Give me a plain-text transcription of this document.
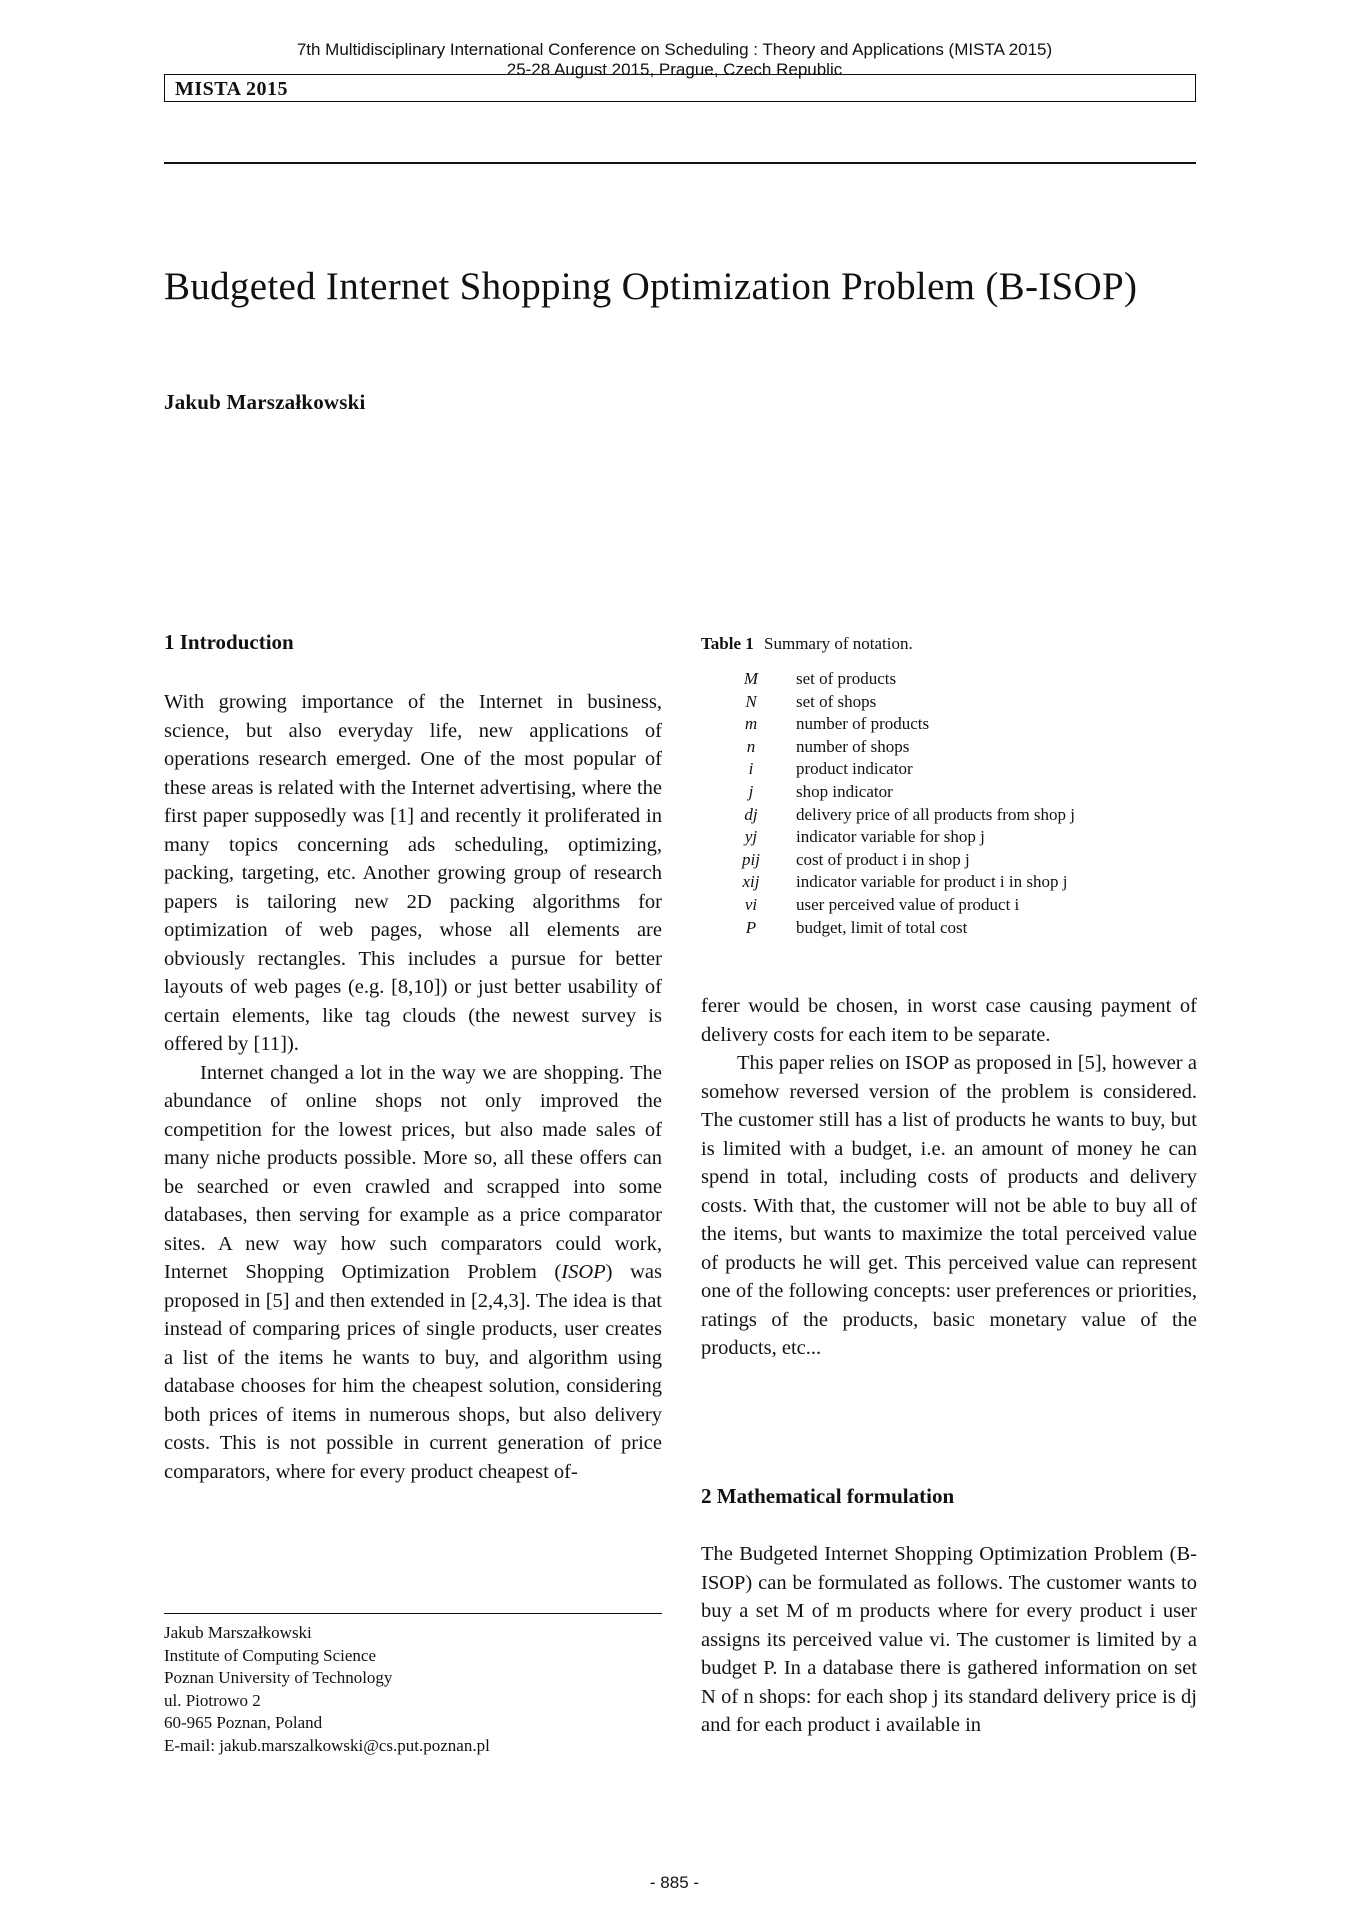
7th Multidisciplinary International Conference on Scheduling : Theory and Applications (MISTA 2015)
25-28 August 2015, Prague, Czech Republic
MISTA 2015
Budgeted Internet Shopping Optimization Problem (B-ISOP)
Jakub Marszałkowski
1 Introduction

With growing importance of the Internet in business, science, but also everyday life, new applications of operations research emerged. One of the most popular of these areas is related with the Internet advertising, where the first paper supposedly was [1] and recently it proliferated in many topics concerning ads scheduling, optimizing, packing, targeting, etc. Another growing group of research papers is tailoring new 2D packing algorithms for optimization of web pages, whose all elements are obviously rectangles. This includes a pursue for better layouts of web pages (e.g. [8,10]) or just better usability of certain elements, like tag clouds (the newest survey is offered by [11]).

Internet changed a lot in the way we are shopping. The abundance of online shops not only improved the competition for the lowest prices, but also made sales of many niche products possible. More so, all these offers can be searched or even crawled and scrapped into some databases, then serving for example as a price comparator sites. A new way how such comparators could work, Internet Shopping Optimization Problem (ISOP) was proposed in [5] and then extended in [2,4,3]. The idea is that instead of comparing prices of single products, user creates a list of the items he wants to buy, and algorithm using database chooses for him the cheapest solution, considering both prices of items in numerous shops, but also delivery costs. This is not possible in current generation of price comparators, where for every product cheapest of-

Jakub Marszałkowski
Institute of Computing Science
Poznan University of Technology
ul. Piotrowo 2
60-965 Poznan, Poland
E-mail: jakub.marszalkowski@cs.put.poznan.pl
Table 1 Summary of notation.
M	set of products
N	set of shops
m	number of products
n	number of shops
i	product indicator
j	shop indicator
dj	delivery price of all products from shop j
yj	indicator variable for shop j
pij	cost of product i in shop j
xij	indicator variable for product i in shop j
vi	user perceived value of product i
P	budget, limit of total cost

ferer would be chosen, in worst case causing payment of delivery costs for each item to be separate.

This paper relies on ISOP as proposed in [5], however a somehow reversed version of the problem is considered. The customer still has a list of products he wants to buy, but is limited with a budget, i.e. an amount of money he can spend in total, including costs of products and delivery costs. With that, the customer will not be able to buy all of the items, but wants to maximize the total perceived value of products he will get. This perceived value can represent one of the following concepts: user preferences or priorities, ratings of the products, basic monetary value of the products, etc...

2 Mathematical formulation
The Budgeted Internet Shopping Optimization Problem (B-ISOP) can be formulated as follows. The customer wants to buy a set M of m products where for every product i user assigns its perceived value vi. The customer is limited by a budget P. In a database there is gathered information on set N of n shops: for each shop j its standard delivery price is dj and for each product i available in
- 885 -
